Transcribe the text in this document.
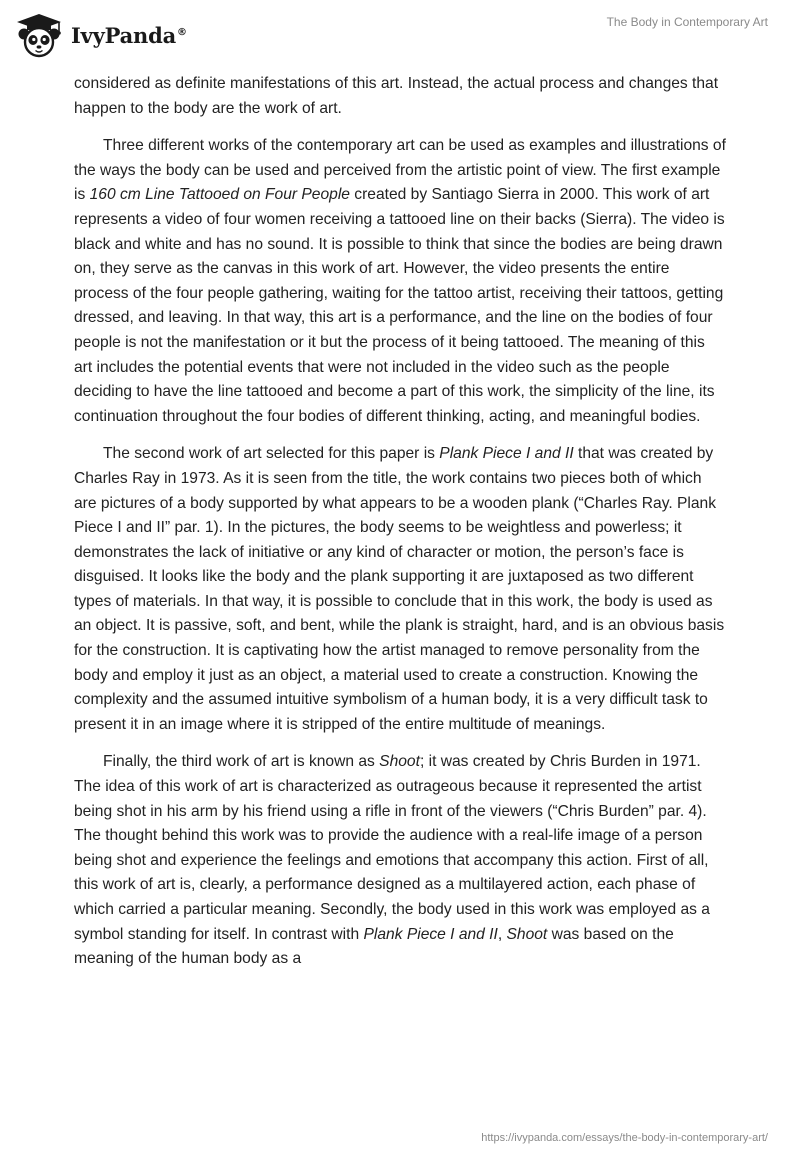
IvyPanda®
The Body in Contemporary Art

considered as definite manifestations of this art. Instead, the actual process and changes that happen to the body are the work of art.

Three different works of the contemporary art can be used as examples and illustrations of the ways the body can be used and perceived from the artistic point of view. The first example is 160 cm Line Tattooed on Four People created by Santiago Sierra in 2000. This work of art represents a video of four women receiving a tattooed line on their backs (Sierra). The video is black and white and has no sound. It is possible to think that since the bodies are being drawn on, they serve as the canvas in this work of art. However, the video presents the entire process of the four people gathering, waiting for the tattoo artist, receiving their tattoos, getting dressed, and leaving. In that way, this art is a performance, and the line on the bodies of four people is not the manifestation or it but the process of it being tattooed. The meaning of this art includes the potential events that were not included in the video such as the people deciding to have the line tattooed and become a part of this work, the simplicity of the line, its continuation throughout the four bodies of different thinking, acting, and meaningful bodies.

The second work of art selected for this paper is Plank Piece I and II that was created by Charles Ray in 1973. As it is seen from the title, the work contains two pieces both of which are pictures of a body supported by what appears to be a wooden plank (“Charles Ray. Plank Piece I and II” par. 1). In the pictures, the body seems to be weightless and powerless; it demonstrates the lack of initiative or any kind of character or motion, the person’s face is disguised. It looks like the body and the plank supporting it are juxtaposed as two different types of materials. In that way, it is possible to conclude that in this work, the body is used as an object. It is passive, soft, and bent, while the plank is straight, hard, and is an obvious basis for the construction. It is captivating how the artist managed to remove personality from the body and employ it just as an object, a material used to create a construction. Knowing the complexity and the assumed intuitive symbolism of a human body, it is a very difficult task to present it in an image where it is stripped of the entire multitude of meanings.

Finally, the third work of art is known as Shoot; it was created by Chris Burden in 1971. The idea of this work of art is characterized as outrageous because it represented the artist being shot in his arm by his friend using a rifle in front of the viewers (“Chris Burden” par. 4). The thought behind this work was to provide the audience with a real-life image of a person being shot and experience the feelings and emotions that accompany this action. First of all, this work of art is, clearly, a performance designed as a multilayered action, each phase of which carried a particular meaning. Secondly, the body used in this work was employed as a symbol standing for itself. In contrast with Plank Piece I and II, Shoot was based on the meaning of the human body as a

https://ivypanda.com/essays/the-body-in-contemporary-art/
